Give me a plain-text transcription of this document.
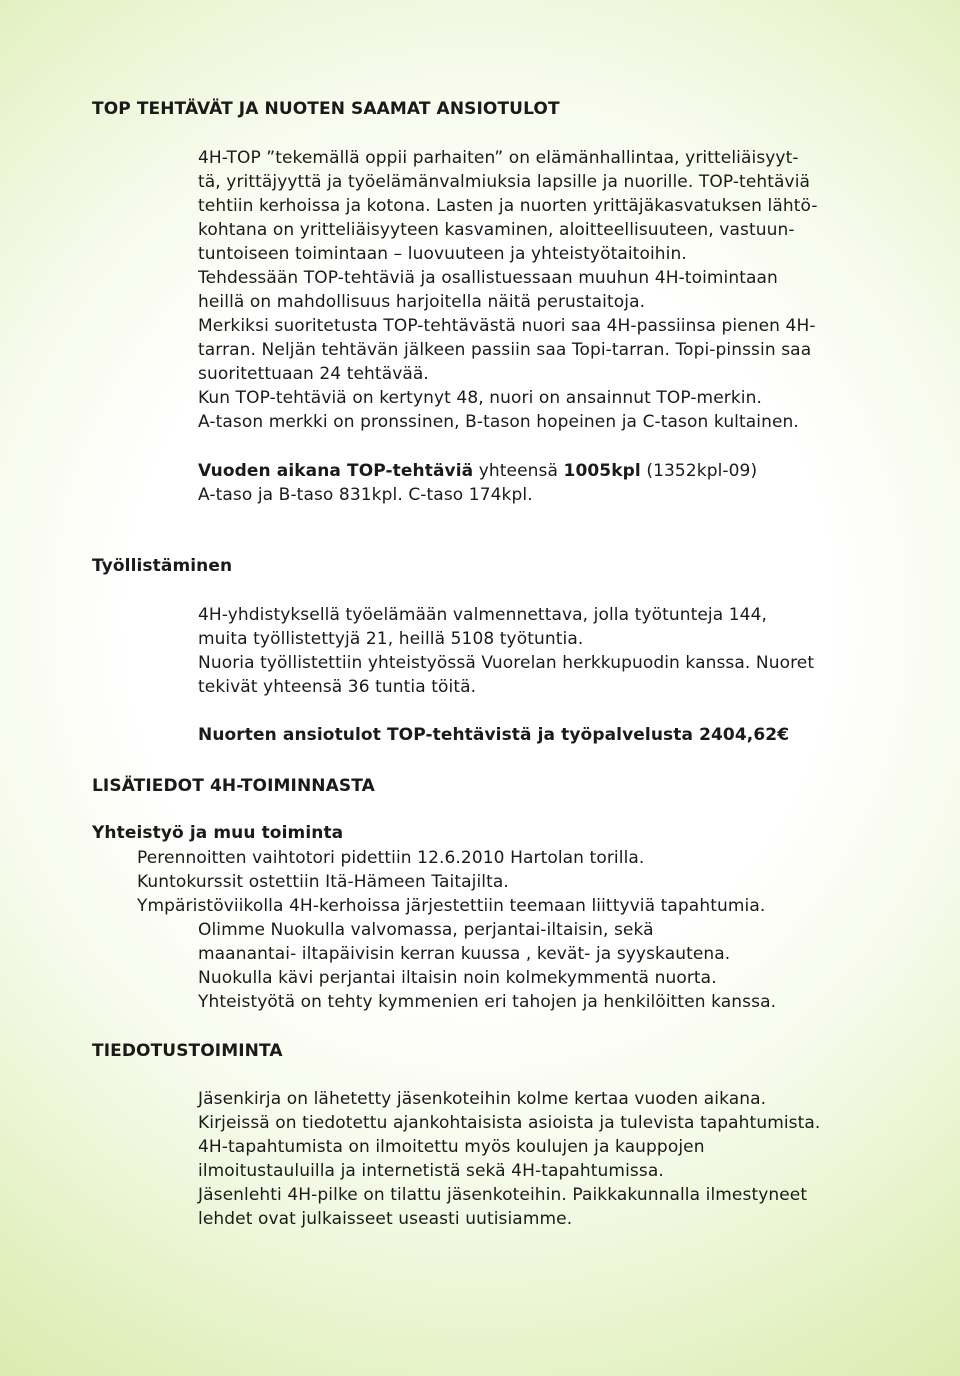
TOP TEHTÄVÄT JA NUOTEN SAAMAT ANSIOTULOT
4H-TOP ”tekemällä oppii parhaiten” on elämänhallintaa, yritteliäisyyt-
tä, yrittäjyyttä ja työelämänvalmiuksia lapsille ja nuorille. TOP-tehtäviä
tehtiin kerhoissa ja kotona. Lasten ja nuorten yrittäjäkasvatuksen lähtö-
kohtana on yritteliäisyyteen kasvaminen, aloitteellisuuteen, vastuun-
tuntoiseen toimintaan – luovuuteen ja yhteistyötaitoihin.
Tehdessään TOP-tehtäviä ja osallistuessaan muuhun 4H-toimintaan
heillä on mahdollisuus harjoitella näitä perustaitoja.
Merkiksi suoritetusta TOP-tehtävästä nuori saa 4H-passiinsa pienen 4H-
tarran. Neljän tehtävän jälkeen passiin saa Topi-tarran. Topi-pinssin saa
suoritettuaan 24 tehtävää.
Kun TOP-tehtäviä on kertynyt 48, nuori on ansainnut TOP-merkin.
A-tason merkki on pronssinen, B-tason hopeinen ja C-tason kultainen.
Vuoden aikana TOP-tehtäviä yhteensä 1005kpl (1352kpl-09)
A-taso ja B-taso 831kpl. C-taso 174kpl.
Työllistäminen
4H-yhdistyksellä työelämään valmennettava, jolla työtunteja 144,
muita työllistettyjä 21, heillä 5108 työtuntia.
Nuoria työllistettiin yhteistyössä Vuorelan herkkupuodin kanssa. Nuoret
tekivät yhteensä 36 tuntia töitä.
Nuorten ansiotulot TOP-tehtävistä ja työpalvelusta 2404,62€
LISÄTIEDOT 4H-TOIMINNASTA
Yhteistyö ja muu toiminta
Perennoitten vaihtotori pidettiin 12.6.2010 Hartolan torilla.
Kuntokurssit ostettiin Itä-Hämeen Taitajilta.
Ympäristöviikolla 4H-kerhoissa järjestettiin teemaan liittyviä tapahtumia.
Olimme Nuokulla valvomassa, perjantai-iltaisin, sekä
maanantai- iltapäivisin kerran kuussa , kevät- ja syyskautena.
Nuokulla kävi perjantai iltaisin noin kolmekymmentä nuorta.
Yhteistyötä on tehty kymmenien eri tahojen ja henkilöitten kanssa.
TIEDOTUSTOIMINTA
Jäsenkirja on lähetetty jäsenkoteihin kolme kertaa vuoden aikana.
Kirjeissä on tiedotettu ajankohtaisista asioista ja tulevista tapahtumista.
4H-tapahtumista on ilmoitettu myös koulujen ja kauppojen
ilmoitustauluilla ja internetistä sekä 4H-tapahtumissa.
Jäsenlehti 4H-pilke on tilattu jäsenkoteihin. Paikkakunnalla ilmestyneet
lehdet ovat julkaisseet useasti uutisiamme.
